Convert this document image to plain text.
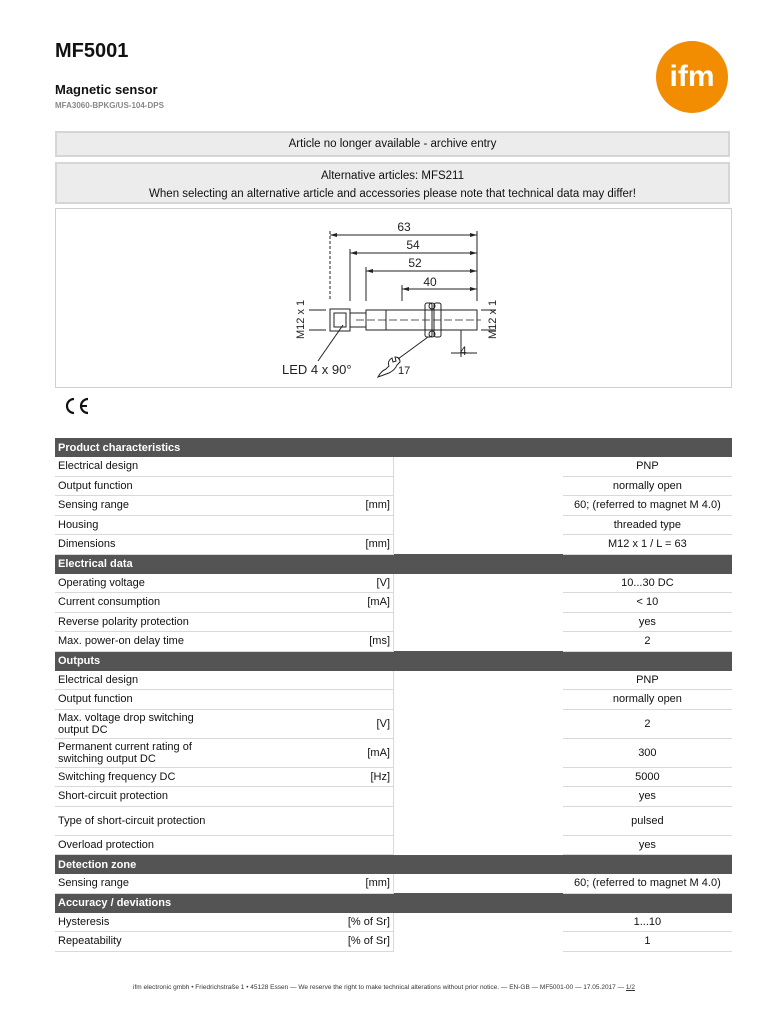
MF5001
Magnetic sensor
MFA3060-BPKG/US-104-DPS
ifm
Article no longer available - archive entry
Alternative articles: MFS211
When selecting an alternative article and accessories please note that technical data may differ!
63
54
52
40
M12 x 1	M12 x 1
4
LED 4 x 90°	17
Product characteristics			
Electrical design			PNP
Output function			normally open
Sensing range	[mm]		60; (referred to magnet M 4.0)
Housing			threaded type
Dimensions	[mm]		M12 x 1 / L = 63
Electrical data			
Operating voltage	[V]		10...30 DC
Current consumption	[mA]		< 10
Reverse polarity protection			yes
Max. power-on delay time	[ms]		2
Outputs			
Electrical design			PNP
Output function			normally open
Max. voltage drop switching output DC	[V]		2
Permanent current rating of switching output DC	[mA]		300
Switching frequency DC	[Hz]		5000
Short-circuit protection			yes
Type of short-circuit protection			pulsed
Overload protection			yes
Detection zone			
Sensing range	[mm]		60; (referred to magnet M 4.0)
Accuracy / deviations			
Hysteresis	[% of Sr]		1...10
Repeatability	[% of Sr]		1
ifm electronic gmbh • Friedrichstraße 1 • 45128 Essen — We reserve the right to make technical alterations without prior notice. — EN-GB — MF5001-00 — 17.05.2017 — 1/2
